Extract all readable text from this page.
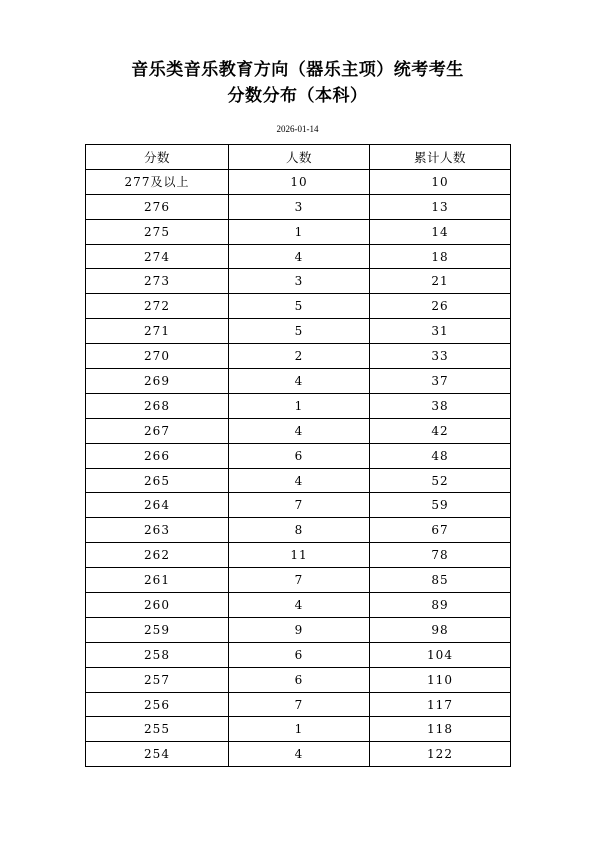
音乐类音乐教育方向（器乐主项）统考考生
分数分布（本科）
2026-01-14
分数	人数	累计人数
277及以上	10	10
276	3	13
275	1	14
274	4	18
273	3	21
272	5	26
271	5	31
270	2	33
269	4	37
268	1	38
267	4	42
266	6	48
265	4	52
264	7	59
263	8	67
262	11	78
261	7	85
260	4	89
259	9	98
258	6	104
257	6	110
256	7	117
255	1	118
254	4	122
